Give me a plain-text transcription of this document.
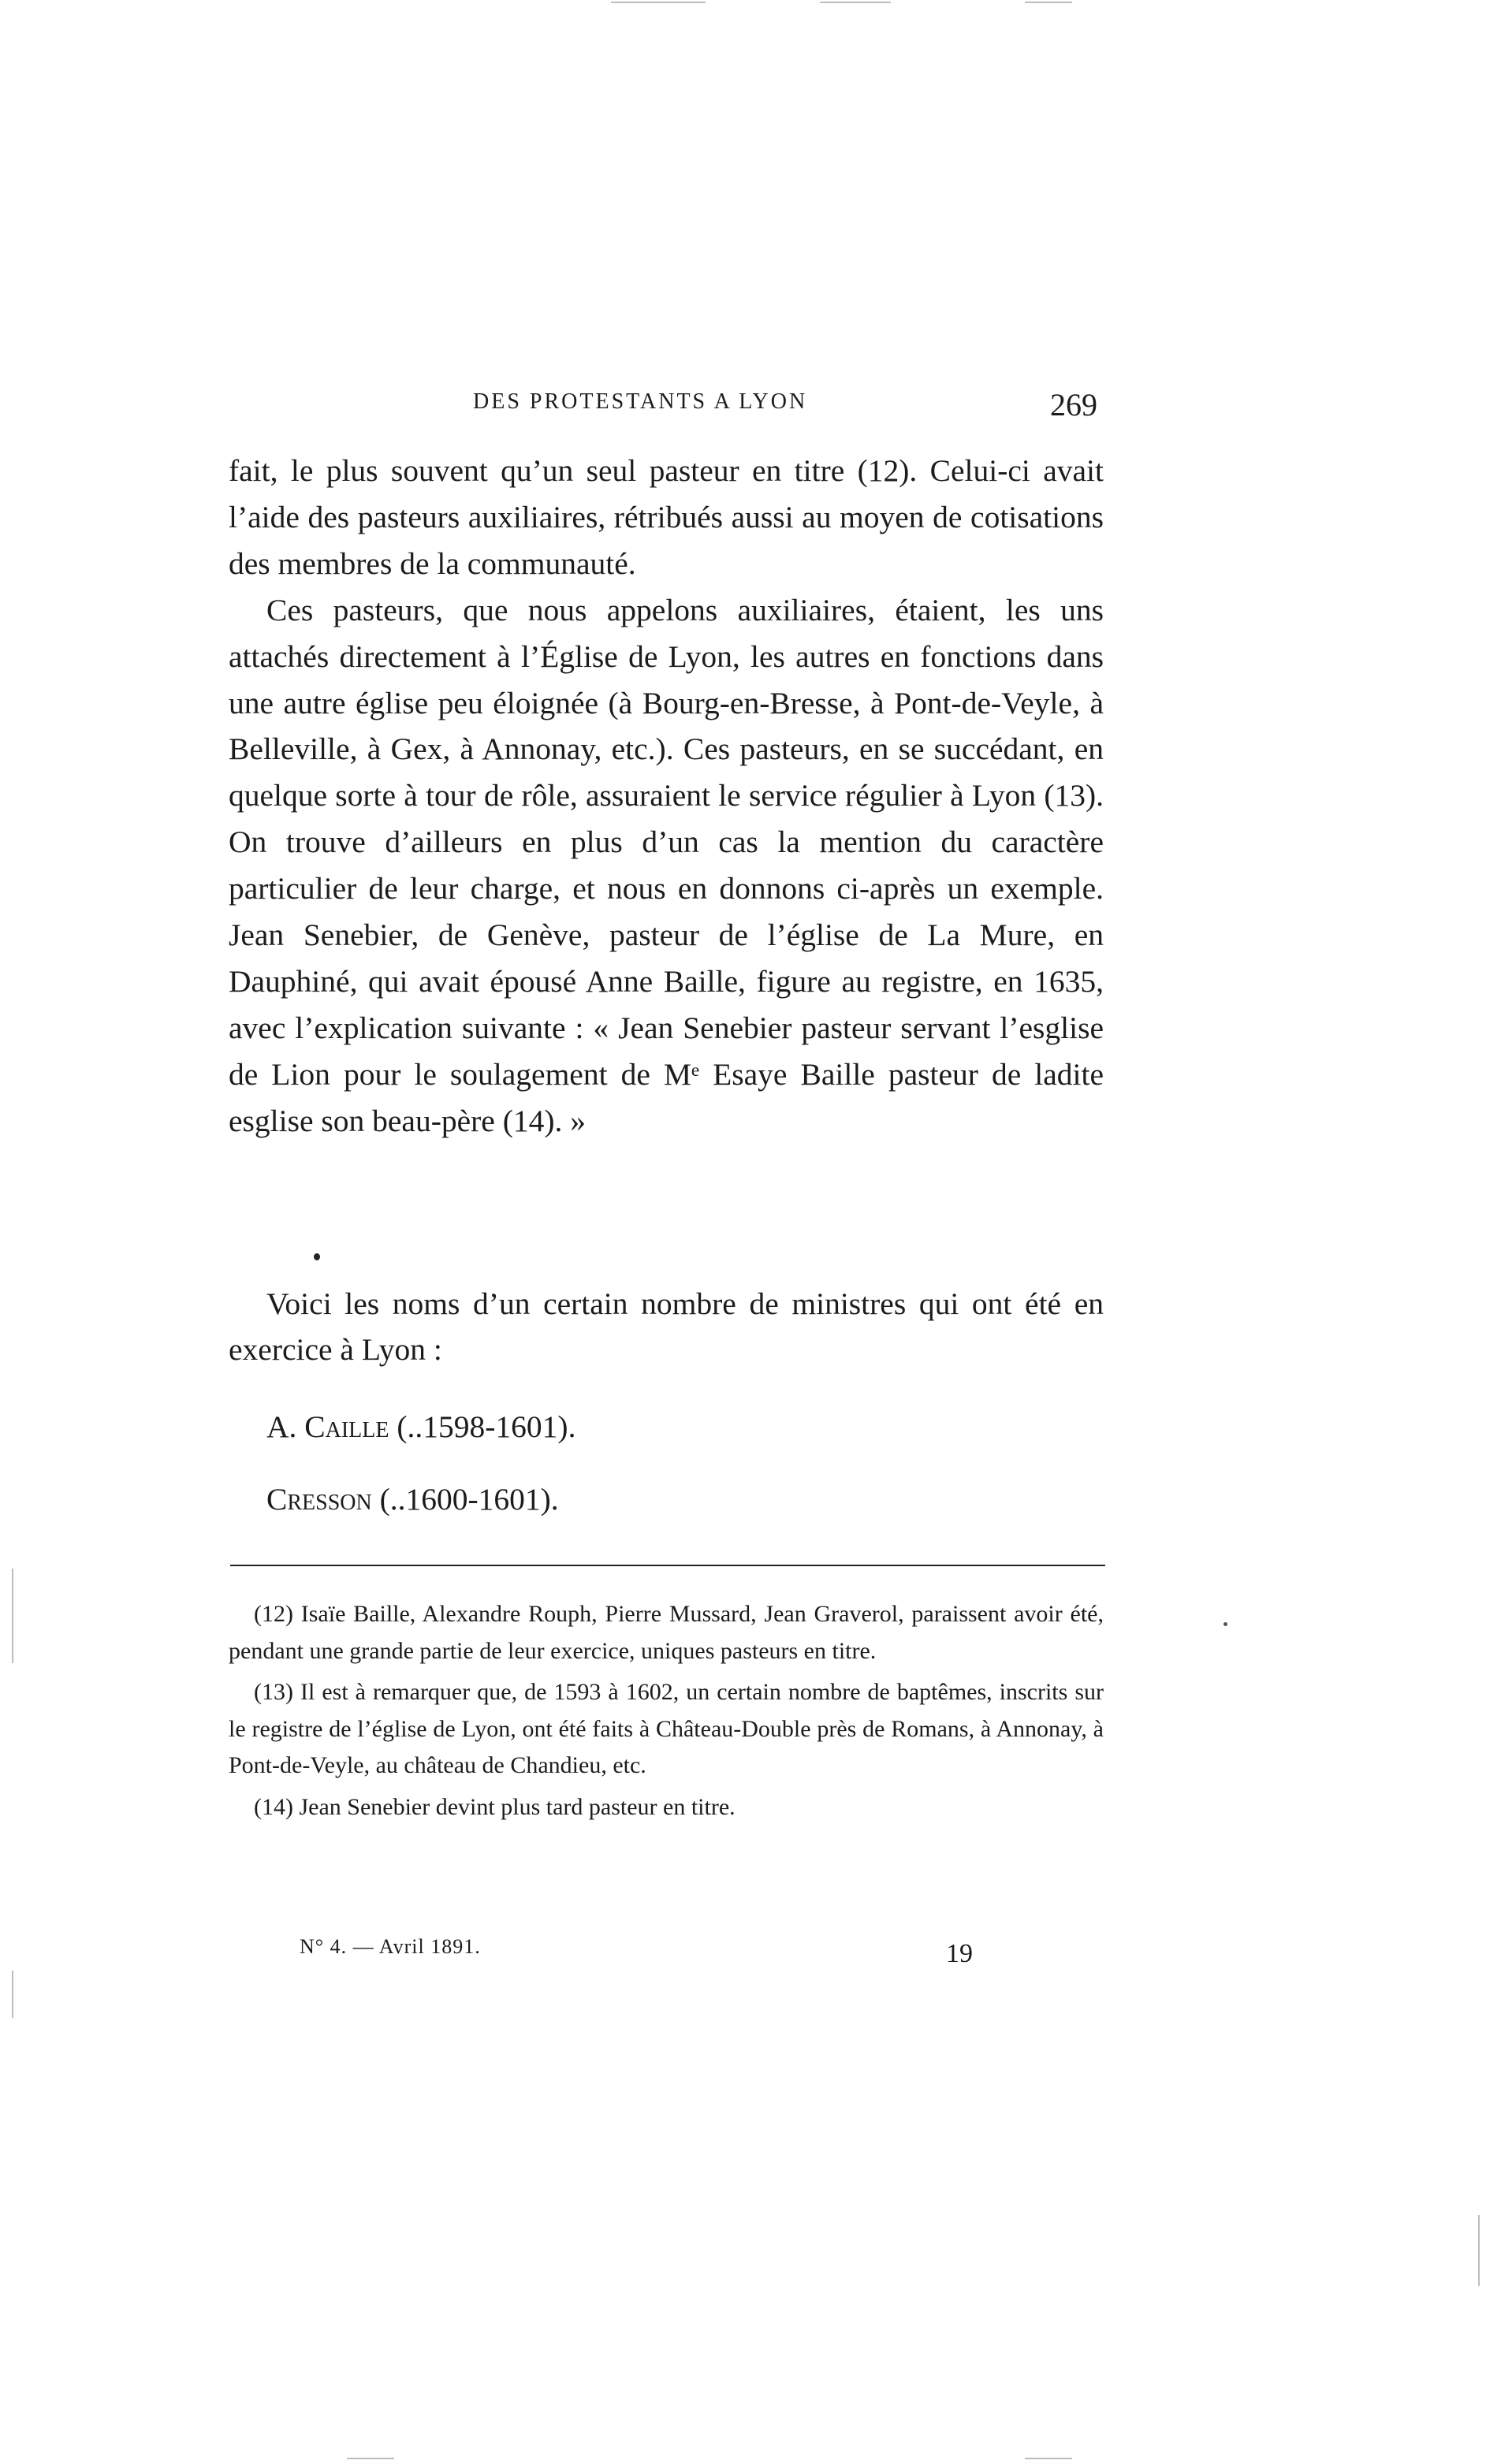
DES PROTESTANTS A LYON	269

fait, le plus souvent qu’un seul pasteur en titre (12). Celui-ci avait l’aide des pasteurs auxiliaires, rétribués aussi au moyen de cotisations des membres de la communauté.

Ces pasteurs, que nous appelons auxiliaires, étaient, les uns attachés directement à l’Église de Lyon, les autres en fonctions dans une autre église peu éloignée (à Bourg-en-Bresse, à Pont-de-Veyle, à Belleville, à Gex, à Annonay, etc.). Ces pasteurs, en se succédant, en quelque sorte à tour de rôle, assuraient le service régulier à Lyon (13). On trouve d’ailleurs en plus d’un cas la mention du caractère particulier de leur charge, et nous en donnons ci-après un exemple. Jean Senebier, de Genève, pasteur de l’église de La Mure, en Dauphiné, qui avait épousé Anne Baille, figure au registre, en 1635, avec l’explication suivante : « Jean Senebier pasteur servant l’esglise de Lion pour le soulagement de Mᵉ Esaye Baille pasteur de ladite esglise son beau-père (14). »

Voici les noms d’un certain nombre de ministres qui ont été en exercice à Lyon :

A. Caille (..1598-1601).
Cresson (..1600-1601).

(12) Isaïe Baille, Alexandre Rouph, Pierre Mussard, Jean Graverol, paraissent avoir été, pendant une grande partie de leur exercice, uniques pasteurs en titre.

(13) Il est à remarquer que, de 1593 à 1602, un certain nombre de baptêmes, inscrits sur le registre de l’église de Lyon, ont été faits à Château-Double près de Romans, à Annonay, à Pont-de-Veyle, au château de Chandieu, etc.

(14) Jean Senebier devint plus tard pasteur en titre.

N° 4. — Avril 1891.	19
